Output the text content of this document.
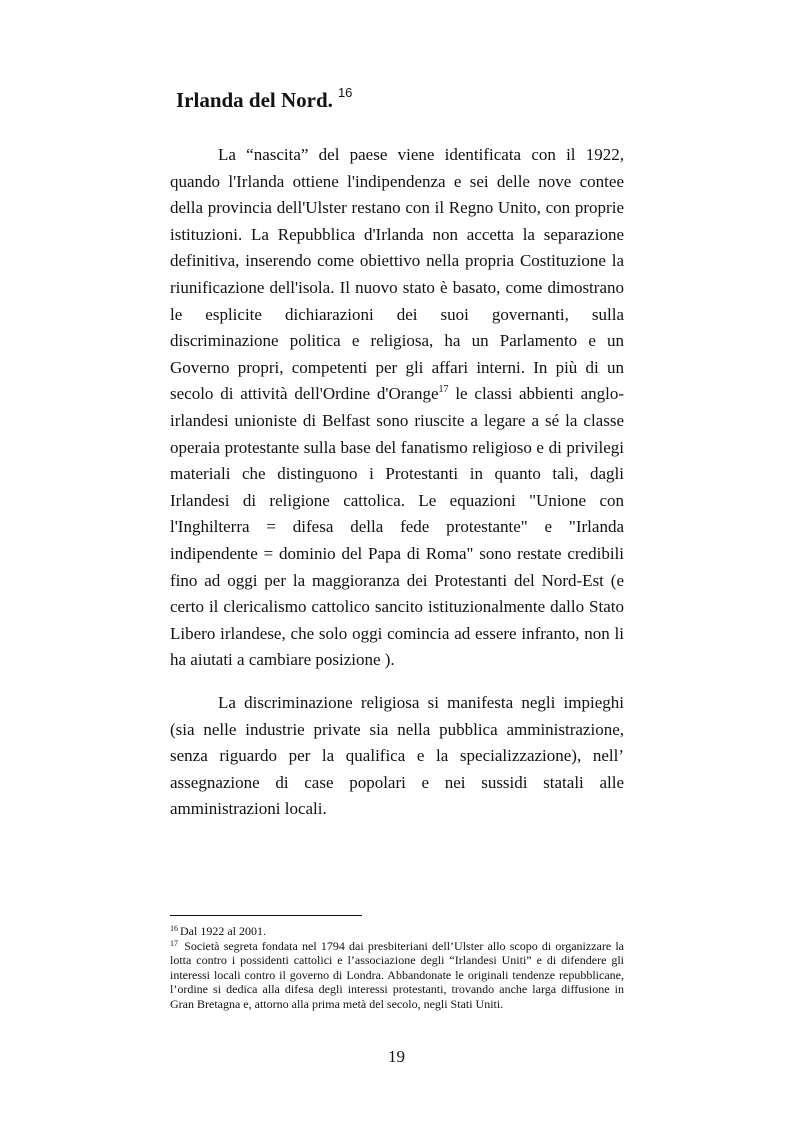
Irlanda del Nord. $^{16}$

La “nascita” del paese viene identificata con il 1922, quando l'Irlanda ottiene l'indipendenza e sei delle nove contee della provincia dell'Ulster restano con il Regno Unito, con proprie istituzioni. La Repubblica d'Irlanda non accetta la separazione definitiva, inserendo come obiettivo nella propria Costituzione la riunificazione dell'isola. Il nuovo stato è basato, come dimostrano le esplicite dichiarazioni dei suoi governanti, sulla discriminazione politica e religiosa, ha un Parlamento e un Governo propri, competenti per gli affari interni. In più di un secolo di attività dell'Ordine d'Orange$^{17}$ le classi abbienti anglo-irlandesi unioniste di Belfast sono riuscite a legare a sé la classe operaia protestante sulla base del fanatismo religioso e di privilegi materiali che distinguono i Protestanti in quanto tali, dagli Irlandesi di religione cattolica. Le equazioni "Unione con l'Inghilterra = difesa della fede protestante" e "Irlanda indipendente = dominio del Papa di Roma" sono restate credibili fino ad oggi per la maggioranza dei Protestanti del Nord-Est (e certo il clericalismo cattolico sancito istituzionalmente dallo Stato Libero irlandese, che solo oggi comincia ad essere infranto, non li ha aiutati a cambiare posizione ).

La discriminazione religiosa si manifesta negli impieghi (sia nelle industrie private sia nella pubblica amministrazione, senza riguardo per la qualifica e la specializzazione), nell’ assegnazione di case popolari e nei sussidi statali alle amministrazioni locali.

$^{16}$ Dal 1922 al 2001.

$^{17}$ Società segreta fondata nel 1794 dai presbiteriani dell’Ulster allo scopo di organizzare la lotta contro i possidenti cattolici e l’associazione degli “Irlandesi Uniti” e di difendere gli interessi locali contro il governo di Londra. Abbandonate le originali tendenze repubblicane, l’ordine si dedica alla difesa degli interessi protestanti, trovando anche larga diffusione in Gran Bretagna e, attorno alla prima metà del secolo, negli Stati Uniti.

19
